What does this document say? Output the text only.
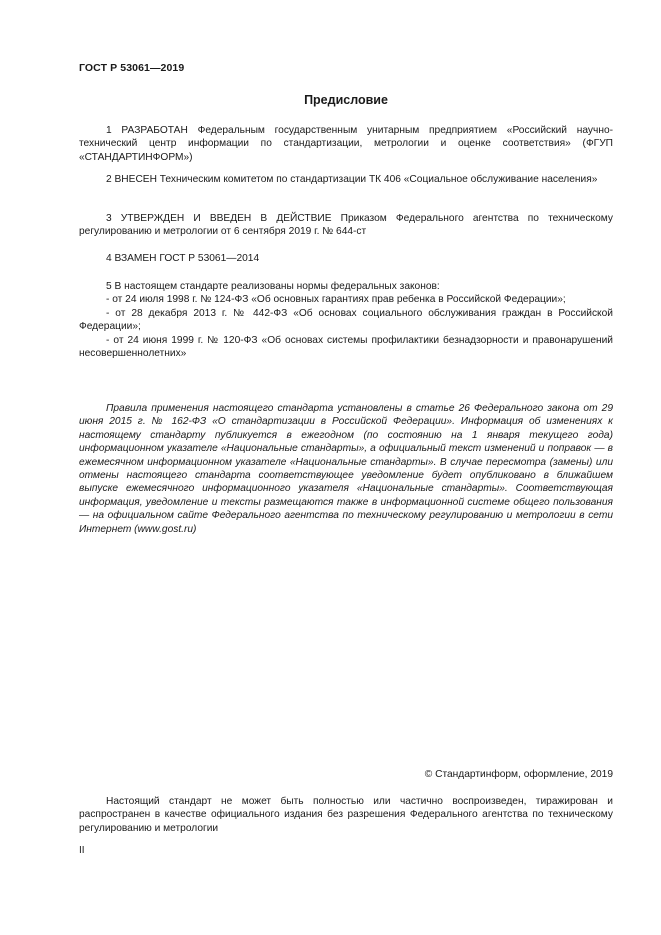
ГОСТ Р 53061—2019
Предисловие

1 РАЗРАБОТАН Федеральным государственным унитарным предприятием «Российский научно-технический центр информации по стандартизации, метрологии и оценке соответствия» (ФГУП «СТАНДАРТИНФОРМ»)

2 ВНЕСЕН Техническим комитетом по стандартизации ТК 406 «Социальное обслуживание населения»

3 УТВЕРЖДЕН И ВВЕДЕН В ДЕЙСТВИЕ Приказом Федерального агентства по техническому регулированию и метрологии от 6 сентября 2019 г. № 644-ст

4 ВЗАМЕН ГОСТ Р 53061—2014

5 В настоящем стандарте реализованы нормы федеральных законов:

- от 24 июля 1998 г. № 124-ФЗ «Об основных гарантиях прав ребенка в Российской Федерации»;

- от 28 декабря 2013 г. № 442-ФЗ «Об основах социального обслуживания граждан в Российской Федерации»;

- от 24 июня 1999 г. № 120-ФЗ «Об основах системы профилактики безнадзорности и правонарушений несовершеннолетних»

Правила применения настоящего стандарта установлены в статье 26 Федерального закона от 29 июня 2015 г. № 162-ФЗ «О стандартизации в Российской Федерации». Информация об изменениях к настоящему стандарту публикуется в ежегодном (по состоянию на 1 января текущего года) информационном указателе «Национальные стандарты», а официальный текст изменений и поправок — в ежемесячном информационном указателе «Национальные стандарты». В случае пересмотра (замены) или отмены настоящего стандарта соответствующее уведомление будет опубликовано в ближайшем выпуске ежемесячного информационного указателя «Национальные стандарты». Соответствующая информация, уведомление и тексты размещаются также в информационной системе общего пользования — на официальном сайте Федерального агентства по техническому регулированию и метрологии в сети Интернет (www.gost.ru)

© Стандартинформ, оформление, 2019

Настоящий стандарт не может быть полностью или частично воспроизведен, тиражирован и распространен в качестве официального издания без разрешения Федерального агентства по техническому регулированию и метрологии

II
